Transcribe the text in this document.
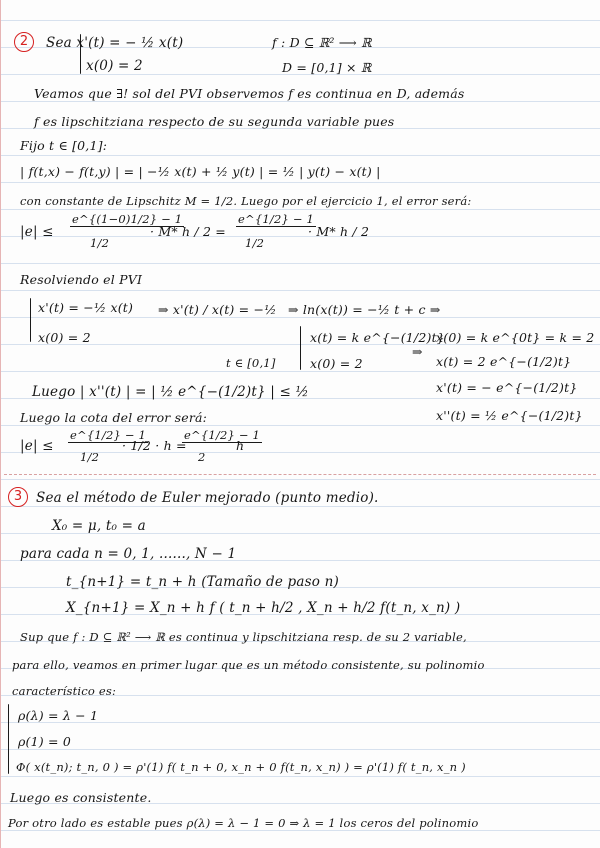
2	Sea x'(t) = − ½ x(t)
x(0) = 2
f : D ⊆ ℝ² ⟶ ℝ
D = [0,1] × ℝ
Veamos que ∃! sol del PVI observemos f es continua en D, además
f es lipschitziana respecto de su segunda variable pues
Fijo t ∈ [0,1]:
| f(t,x) − f(t,y) | = | −½ x(t) + ½ y(t) | = ½ | y(t) − x(t) |
con constante de Lipschitz M = 1/2. Luego por el ejercicio 1, el error será:
|e| ≤
e^{(1−0)1/2} − 1
1/2
· M* h / 2 =
e^{1/2} − 1
1/2
· M* h / 2
Resolviendo el PVI
x'(t) = −½ x(t)
x(0) = 2
⇒ x'(t) / x(t) = −½ ⇒ ln(x(t)) = −½ t + c ⇒
x(t) = k e^{−(1/2)t}
x(0) = 2
⇒
x(0) = k e^{0t} = k = 2
x(t) = 2 e^{−(1/2)t}
t ∈ [0,1]
Luego | x''(t) | = | ½ e^{−(1/2)t} | ≤ ½	x'(t) = − e^{−(1/2)t}
x''(t) = ½ e^{−(1/2)t}
Luego la cota del error será:
|e| ≤
e^{1/2} − 1
1/2
· 1/2 · h =
e^{1/2} − 1
2
h
3	Sea el método de Euler mejorado (punto medio).
X₀ = μ, t₀ = a
para cada n = 0, 1, ......, N − 1
t_{n+1} = t_n + h (Tamaño de paso n)
X_{n+1} = X_n + h f ( t_n + h/2 , X_n + h/2 f(t_n, x_n) )
Sup que f : D ⊆ ℝ² ⟶ ℝ es continua y lipschitziana resp. de su 2 variable,
para ello, veamos en primer lugar que es un método consistente, su polinomio
característico es:
ρ(λ) = λ − 1
ρ(1) = 0
Φ( x(t_n); t_n, 0 ) = ρ'(1) f( t_n + 0, x_n + 0 f(t_n, x_n) ) = ρ'(1) f( t_n, x_n )
Luego es consistente.
Por otro lado es estable pues ρ(λ) = λ − 1 = 0 ⇒ λ = 1 los ceros del polinomio
